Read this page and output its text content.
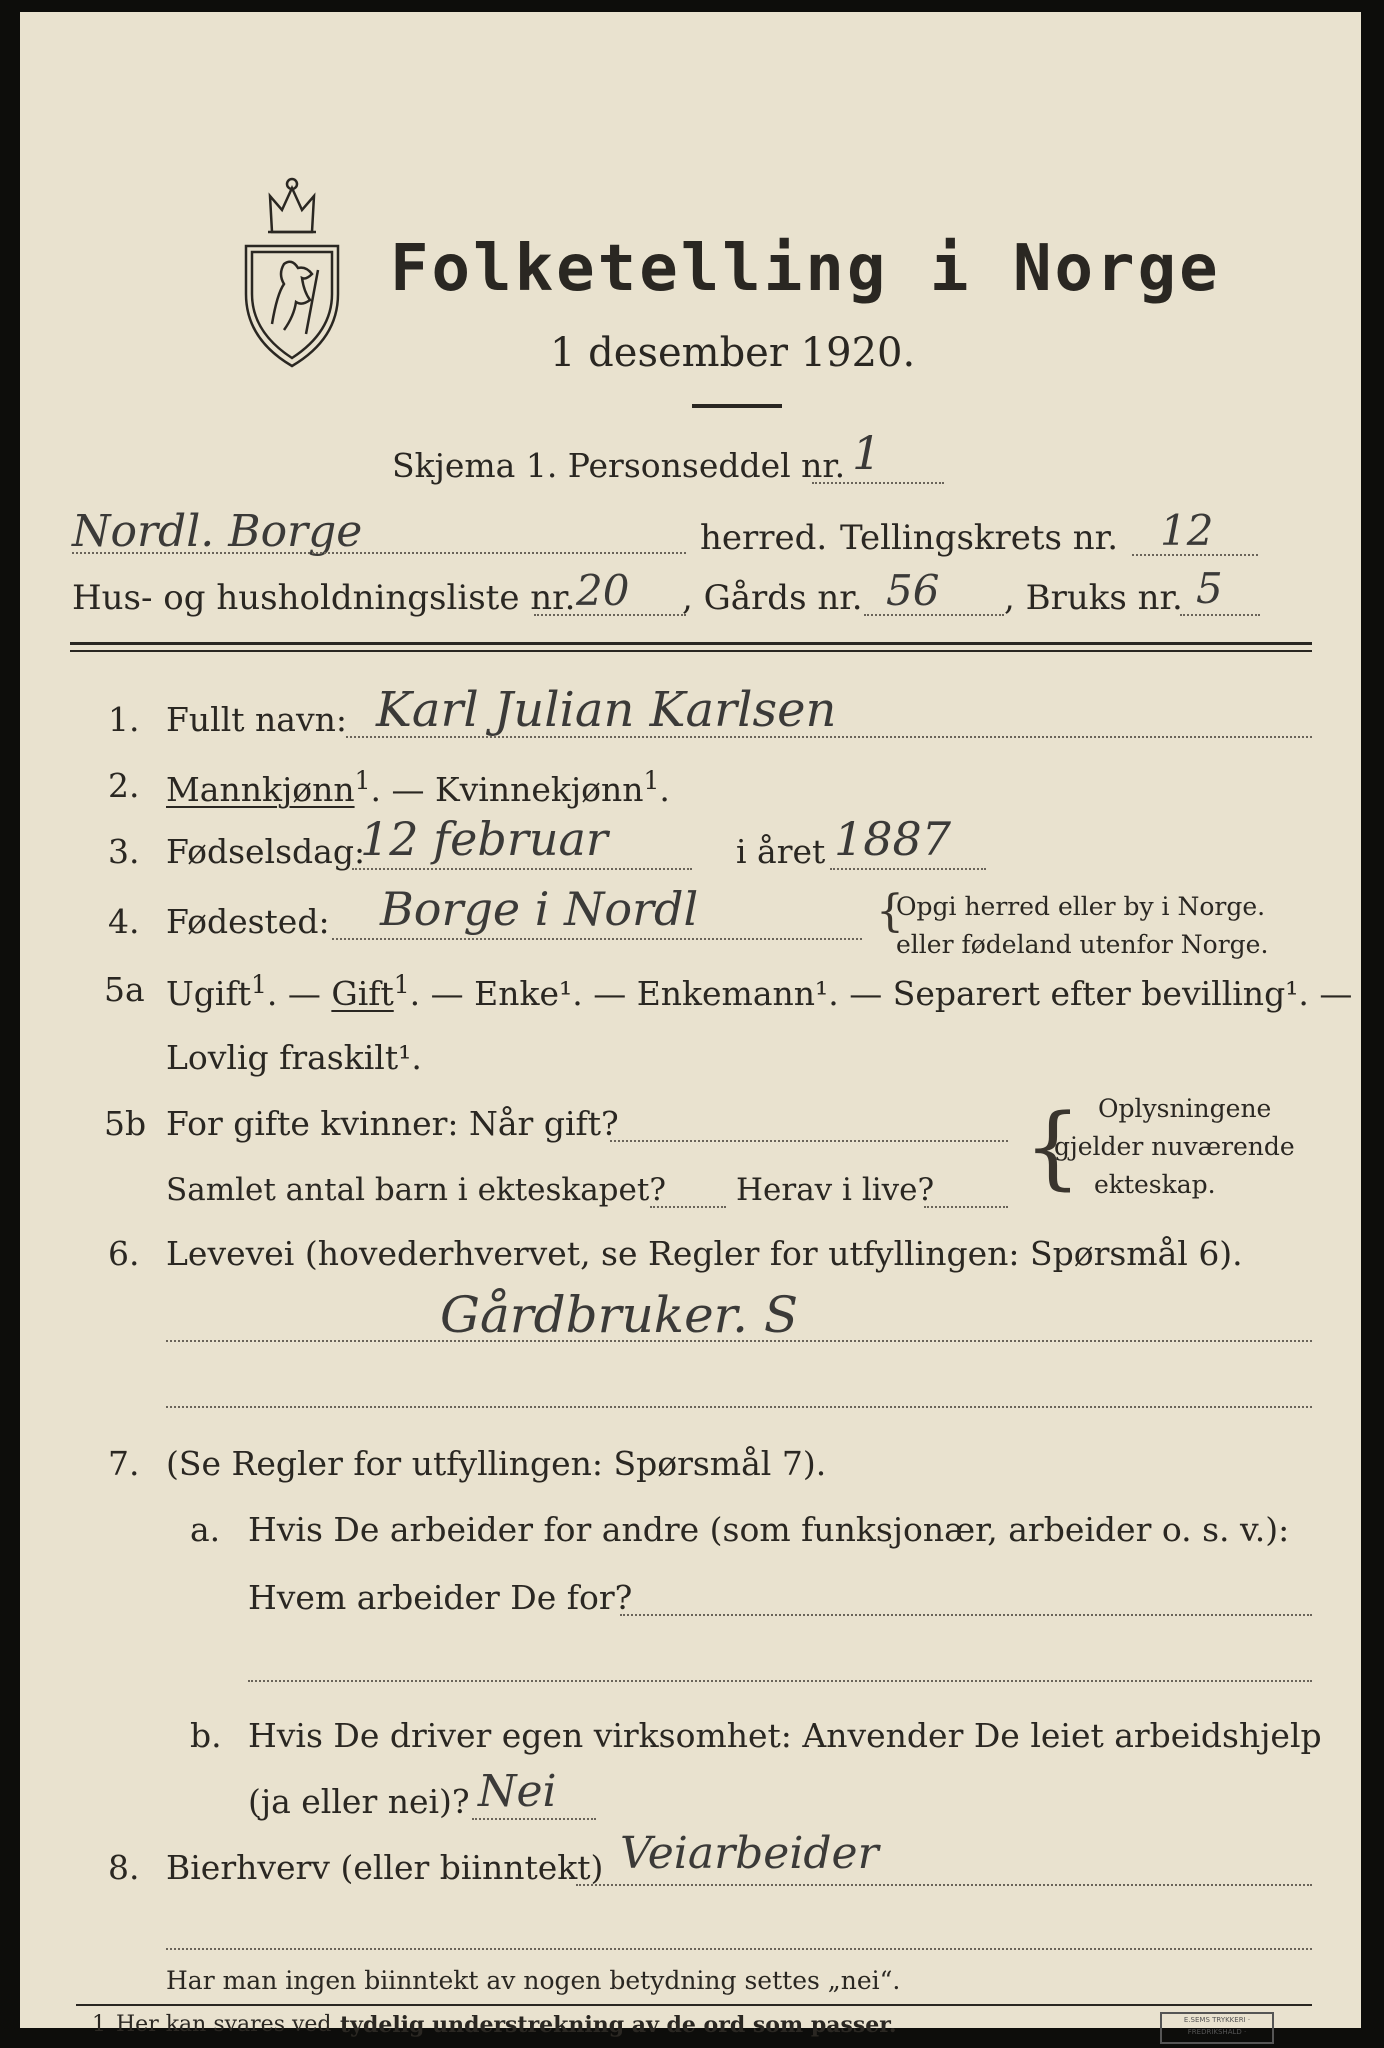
Folketelling i Norge
1 desember 1920.
Skjema 1. Personseddel nr. 1
Nordl. Borge	herred. Tellingskrets nr. 12
Hus- og husholdningsliste nr. 20 , Gårds nr. 56 , Bruks nr. 5
1. Fullt navn: Karl Julian Karlsen
2. Mannkjønn$^1$. — Kvinnekjønn$^1$.
3. Fødselsdag:
12 februar	i året 1887
4. Fødested: Borge i Nordl	{
Opgi herred eller by i Norge.
eller fødeland utenfor Norge.
5a Ugift$^1$. — Gift$^1$. — Enke¹. — Enkemann¹. — Separert efter bevilling¹. —
Lovlig fraskilt¹.
5b For gifte kvinner: Når gift?
Samlet antal barn i ekteskapet? Herav i live? { Oplysningene
gjelder nuværende
ekteskap.
6. Levevei (hovederhvervet, se Regler for utfyllingen: Spørsmål 6).
Gårdbruker. S
7. (Se Regler for utfyllingen: Spørsmål 7).
a. Hvis De arbeider for andre (som funksjonær, arbeider o. s. v.):
Hvem arbeider De for?
b. Hvis De driver egen virksomhet: Anvender De leiet arbeidshjelp
(ja eller nei)? Nei
8. Bierhverv (eller biinntekt) Veiarbeider
Har man ingen biinntekt av nogen betydning settes „nei“.
1 Her kan svares ved tydelig understrekning av de ord som passer.	E.SEMS TRYKKERI · FREDRIKSHALD ·
